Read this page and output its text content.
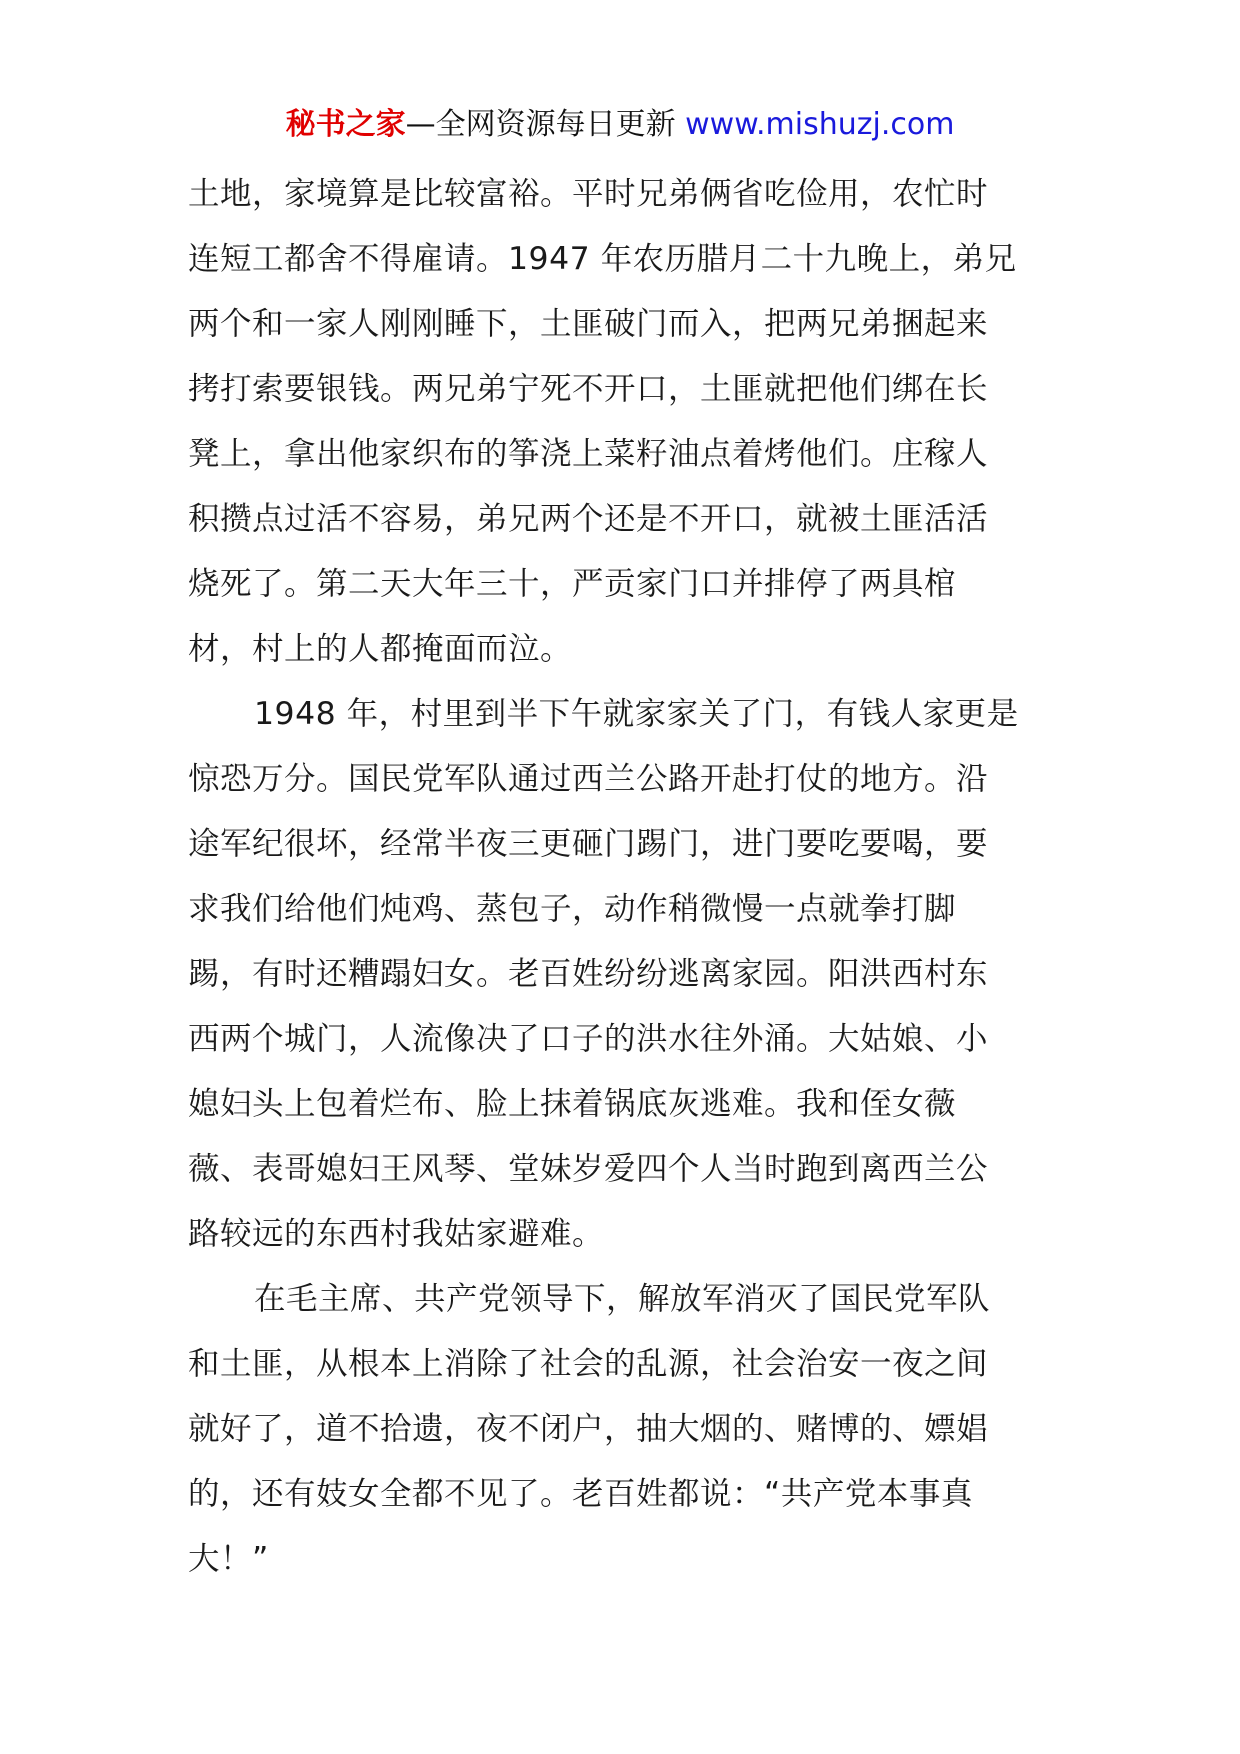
秘书之家—全网资源每日更新 www.mishuzj.com

土地，家境算是比较富裕。平时兄弟俩省吃俭用，农忙时
连短工都舍不得雇请。1947 年农历腊月二十九晚上，弟兄
两个和一家人刚刚睡下，土匪破门而入，把两兄弟捆起来
拷打索要银钱。两兄弟宁死不开口，土匪就把他们绑在长
凳上，拿出他家织布的筝浇上菜籽油点着烤他们。庄稼人
积攒点过活不容易，弟兄两个还是不开口，就被土匪活活
烧死了。第二天大年三十，严贡家门口并排停了两具棺
材，村上的人都掩面而泣。

1948 年，村里到半下午就家家关了门，有钱人家更是
惊恐万分。国民党军队通过西兰公路开赴打仗的地方。沿
途军纪很坏，经常半夜三更砸门踢门，进门要吃要喝，要
求我们给他们炖鸡、蒸包子，动作稍微慢一点就拳打脚
踢，有时还糟蹋妇女。老百姓纷纷逃离家园。阳洪西村东
西两个城门，人流像决了口子的洪水往外涌。大姑娘、小
媳妇头上包着烂布、脸上抹着锅底灰逃难。我和侄女薇
薇、表哥媳妇王风琴、堂妹岁爱四个人当时跑到离西兰公
路较远的东西村我姑家避难。

在毛主席、共产党领导下，解放军消灭了国民党军队
和土匪，从根本上消除了社会的乱源，社会治安一夜之间
就好了，道不拾遗，夜不闭户，抽大烟的、赌博的、嫖娼
的，还有妓女全都不见了。老百姓都说：“共产党本事真
大！”
